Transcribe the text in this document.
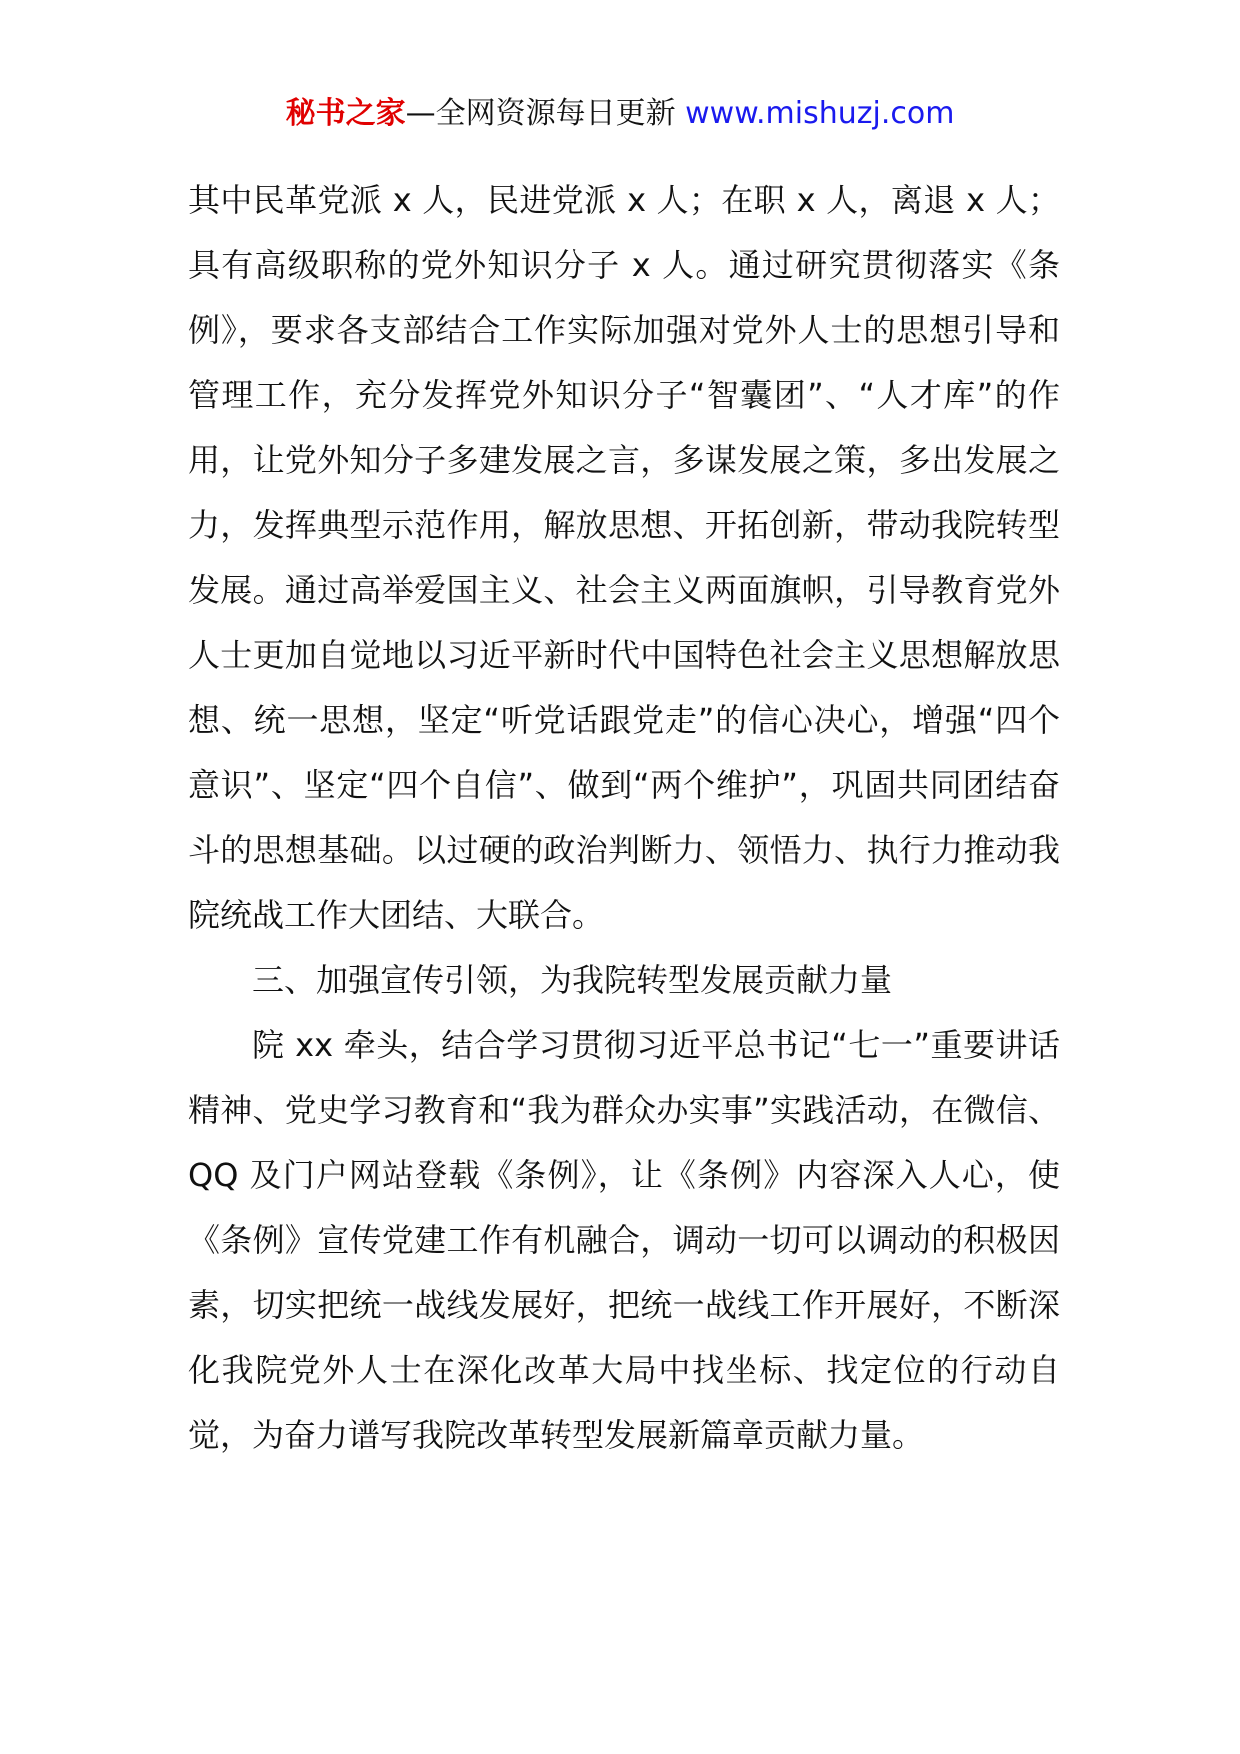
秘书之家—全网资源每日更新 www.mishuzj.com

其中民革党派 x 人，民进党派 x 人；在职 x 人，离退 x 人；具有高级职称的党外知识分子 x 人。通过研究贯彻落实《条例》，要求各支部结合工作实际加强对党外人士的思想引导和管理工作，充分发挥党外知识分子“智囊团”、“人才库”的作用，让党外知分子多建发展之言，多谋发展之策，多出发展之力，发挥典型示范作用，解放思想、开拓创新，带动我院转型发展。通过高举爱国主义、社会主义两面旗帜，引导教育党外人士更加自觉地以习近平新时代中国特色社会主义思想解放思想、统一思想，坚定“听党话跟党走”的信心决心，增强“四个意识”、坚定“四个自信”、做到“两个维护”，巩固共同团结奋斗的思想基础。以过硬的政治判断力、领悟力、执行力推动我院统战工作大团结、大联合。

三、加强宣传引领，为我院转型发展贡献力量

院 xx 牵头，结合学习贯彻习近平总书记“七一”重要讲话精神、党史学习教育和“我为群众办实事”实践活动，在微信、QQ 及门户网站登载《条例》，让《条例》内容深入人心，使《条例》宣传党建工作有机融合，调动一切可以调动的积极因素，切实把统一战线发展好，把统一战线工作开展好，不断深化我院党外人士在深化改革大局中找坐标、找定位的行动自觉，为奋力谱写我院改革转型发展新篇章贡献力量。
